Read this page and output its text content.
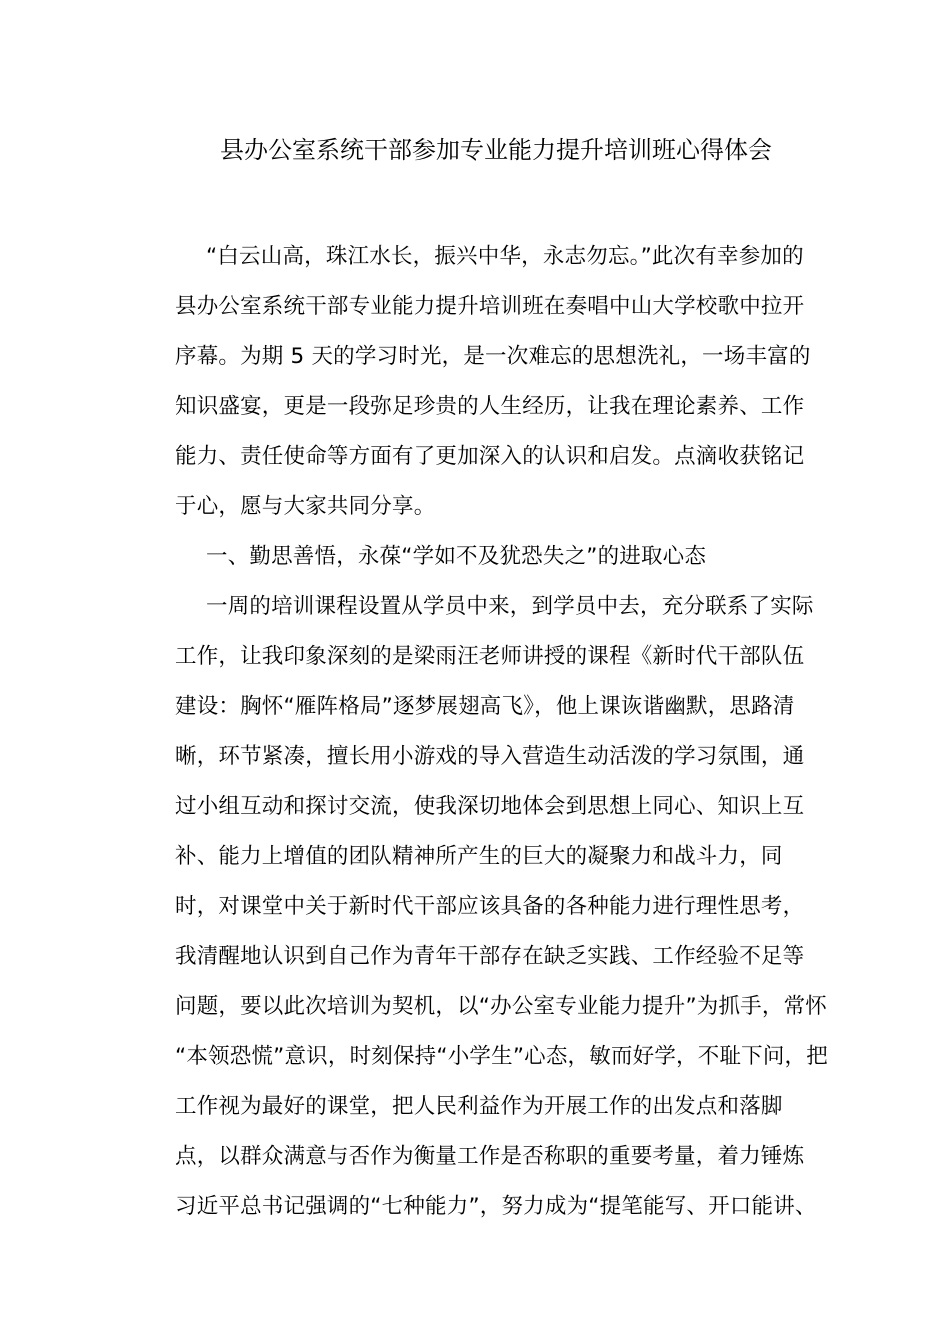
县办公室系统干部参加专业能力提升培训班心得体会
“白云山高，珠江水长，振兴中华，永志勿忘。”此次有幸参加的
县办公室系统干部专业能力提升培训班在奏唱中山大学校歌中拉开
序幕。为期 5 天的学习时光，是一次难忘的思想洗礼，一场丰富的
知识盛宴，更是一段弥足珍贵的人生经历，让我在理论素养、工作
能力、责任使命等方面有了更加深入的认识和启发。点滴收获铭记
于心，愿与大家共同分享。
一、勤思善悟，永葆“学如不及犹恐失之”的进取心态
一周的培训课程设置从学员中来，到学员中去，充分联系了实际
工作，让我印象深刻的是梁雨汪老师讲授的课程《新时代干部队伍
建设：胸怀“雁阵格局”逐梦展翅高飞》，他上课诙谐幽默，思路清
晰，环节紧凑，擅长用小游戏的导入营造生动活泼的学习氛围，通
过小组互动和探讨交流，使我深切地体会到思想上同心、知识上互
补、能力上增值的团队精神所产生的巨大的凝聚力和战斗力，同
时，对课堂中关于新时代干部应该具备的各种能力进行理性思考，
我清醒地认识到自己作为青年干部存在缺乏实践、工作经验不足等
问题，要以此次培训为契机，以“办公室专业能力提升”为抓手，常怀
“本领恐慌”意识，时刻保持“小学生”心态，敏而好学，不耻下问，把
工作视为最好的课堂，把人民利益作为开展工作的出发点和落脚
点，以群众满意与否作为衡量工作是否称职的重要考量，着力锤炼
习近平总书记强调的“七种能力”，努力成为“提笔能写、开口能讲、
